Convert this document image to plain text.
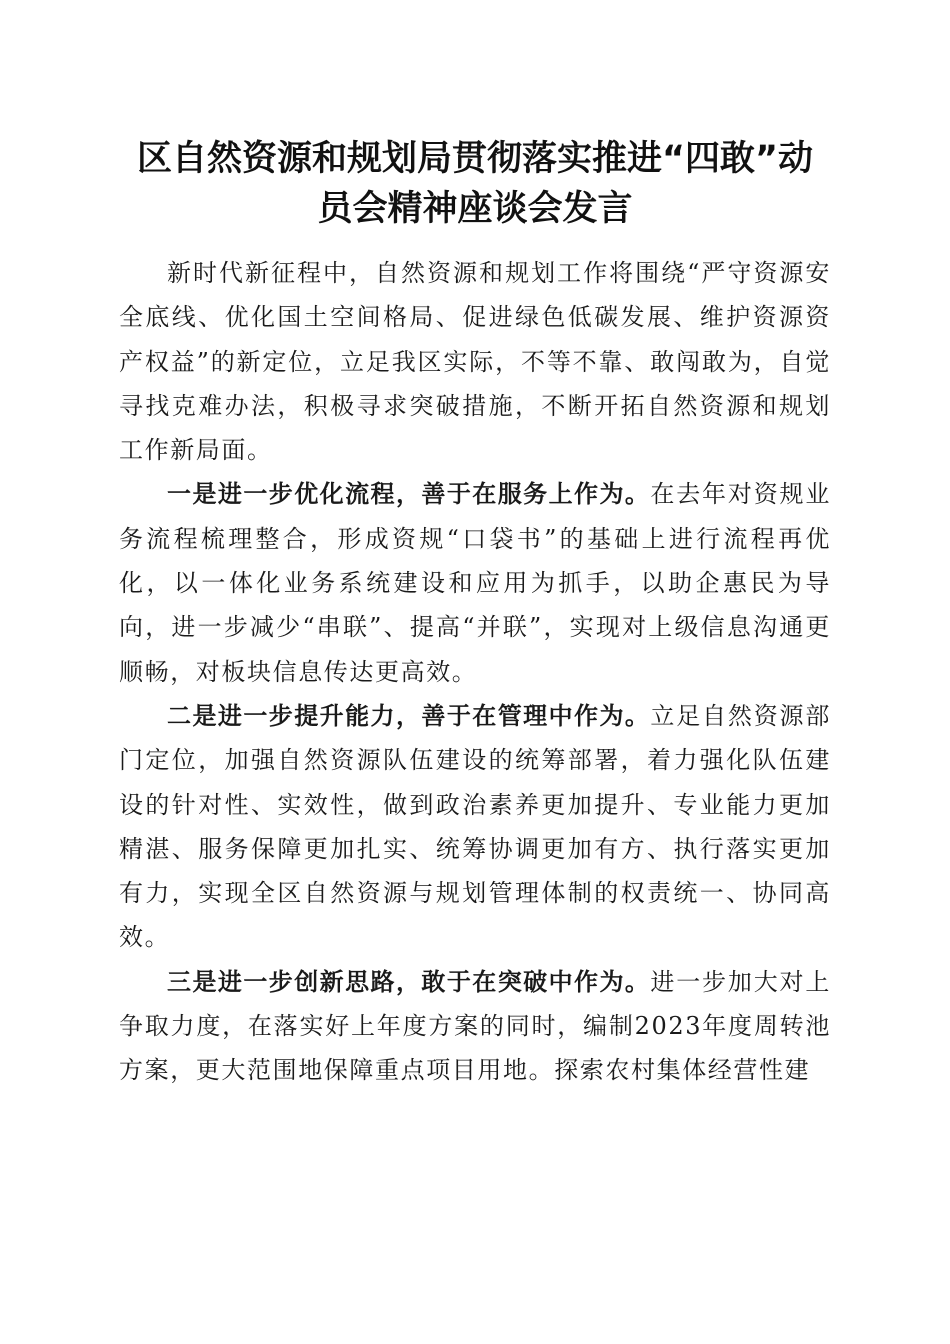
区自然资源和规划局贯彻落实推进“四敢”动
员会精神座谈会发言

新时代新征程中，自然资源和规划工作将围绕“严守资源安全底线、优化国土空间格局、促进绿色低碳发展、维护资源资产权益”的新定位，立足我区实际，不等不靠、敢闯敢为，自觉寻找克难办法，积极寻求突破措施，不断开拓自然资源和规划工作新局面。

一是进一步优化流程，善于在服务上作为。在去年对资规业务流程梳理整合，形成资规“口袋书”的基础上进行流程再优化，以一体化业务系统建设和应用为抓手，以助企惠民为导向，进一步减少“串联”、提高“并联”，实现对上级信息沟通更顺畅，对板块信息传达更高效。

二是进一步提升能力，善于在管理中作为。立足自然资源部门定位，加强自然资源队伍建设的统筹部署，着力强化队伍建设的针对性、实效性，做到政治素养更加提升、专业能力更加精湛、服务保障更加扎实、统筹协调更加有方、执行落实更加有力，实现全区自然资源与规划管理体制的权责统一、协同高效。

三是进一步创新思路，敢于在突破中作为。进一步加大对上争取力度，在落实好上年度方案的同时，编制2023年度周转池方案，更大范围地保障重点项目用地。探索农村集体经营性建
